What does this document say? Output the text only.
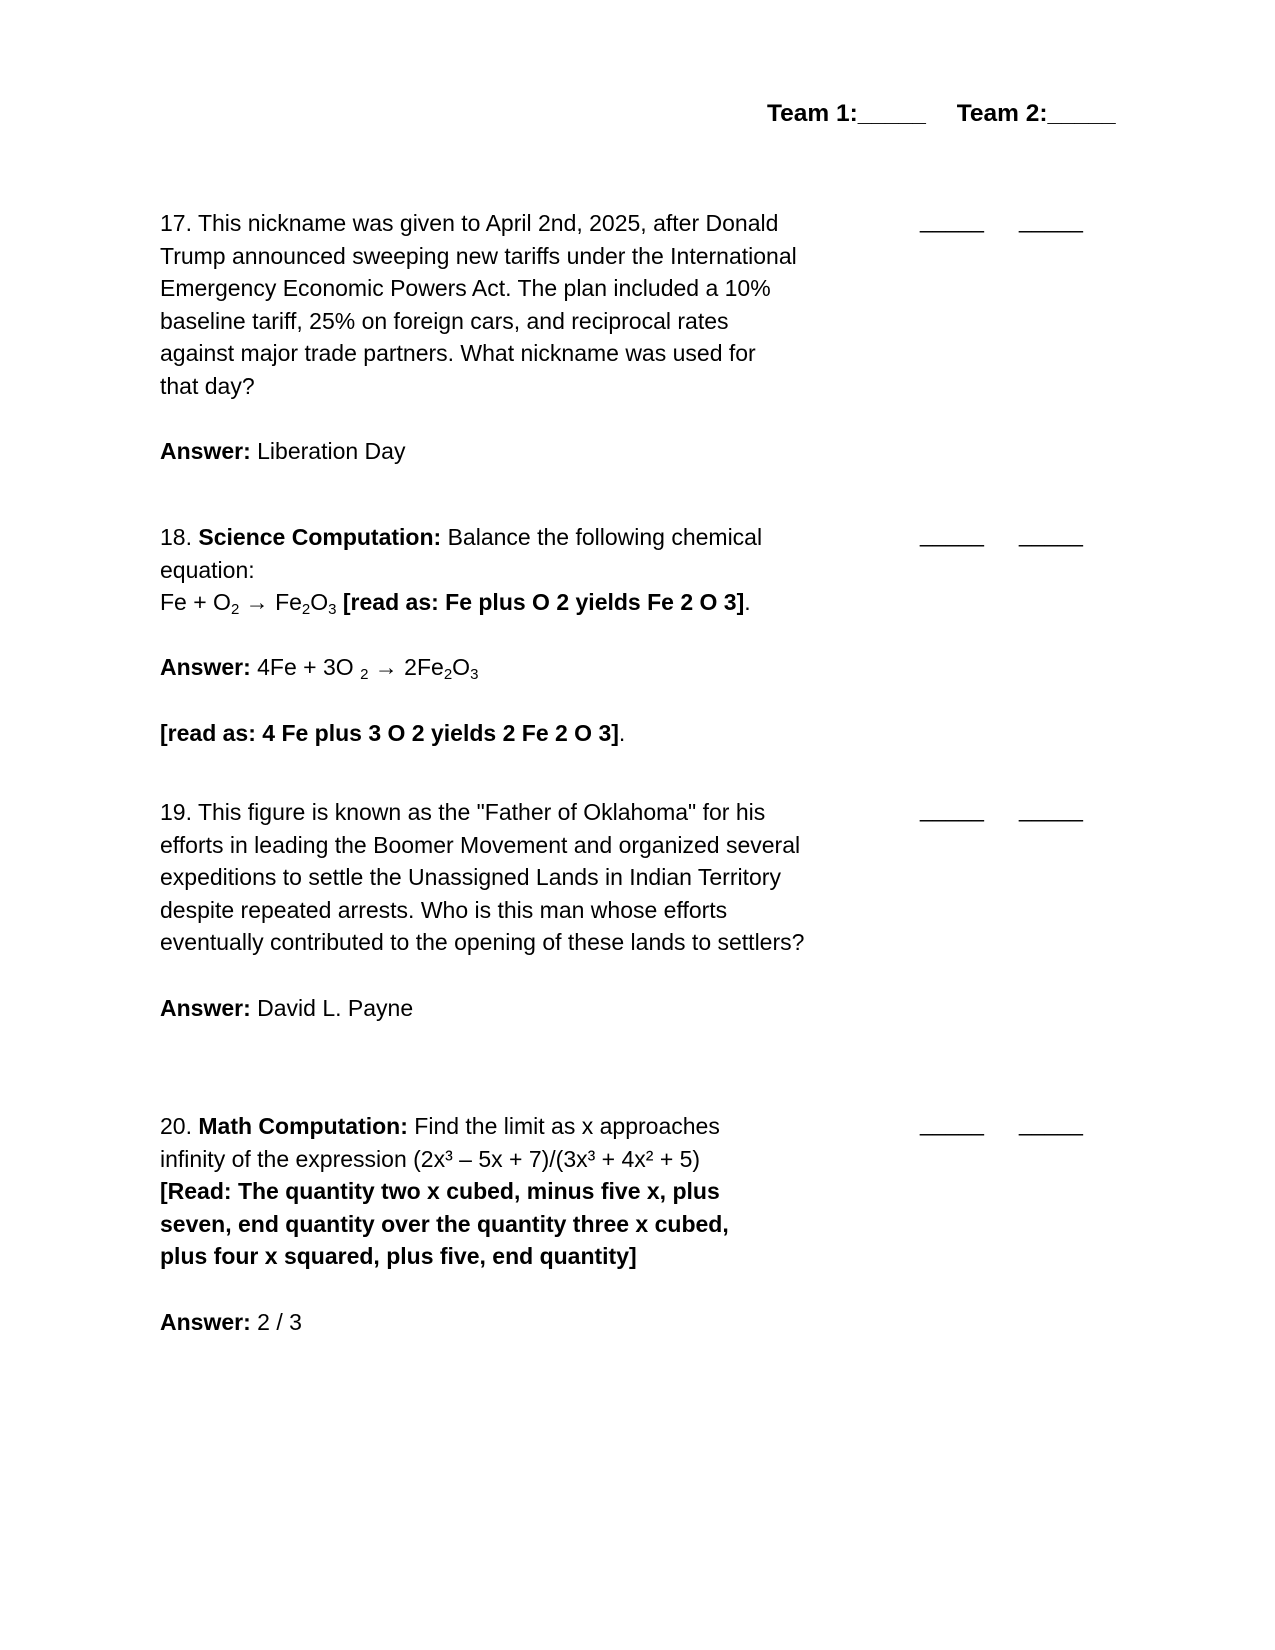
Team 1:_____ Team 2:_____

17. This nickname was given to April 2nd, 2025, after Donald Trump announced sweeping new tariffs under the International Emergency Economic Powers Act. The plan included a 10% baseline tariff, 25% on foreign cars, and reciprocal rates against major trade partners. What nickname was used for that day?

Answer: Liberation Day

_____ _____

18. Science Computation: Balance the following chemical equation:

$Fe + O_2 \to Fe_2O_3$ [read as: Fe plus O 2 yields Fe 2 O 3].

Answer: 4Fe + 3O $_2 \to 2Fe_2O_3$

[read as: 4 Fe plus 3 O 2 yields 2 Fe 2 O 3].

_____ _____

19. This figure is known as the "Father of Oklahoma" for his efforts in leading the Boomer Movement and organized several expeditions to settle the Unassigned Lands in Indian Territory despite repeated arrests. Who is this man whose efforts eventually contributed to the opening of these lands to settlers?

Answer: David L. Payne

_____ _____

20. Math Computation: Find the limit as x approaches infinity of the expression (2x³ – 5x + 7)/(3x³ + 4x² + 5)

[Read: The quantity two x cubed, minus five x, plus seven, end quantity over the quantity three x cubed, plus four x squared, plus five, end quantity]

Answer: 2 / 3

_____ _____
